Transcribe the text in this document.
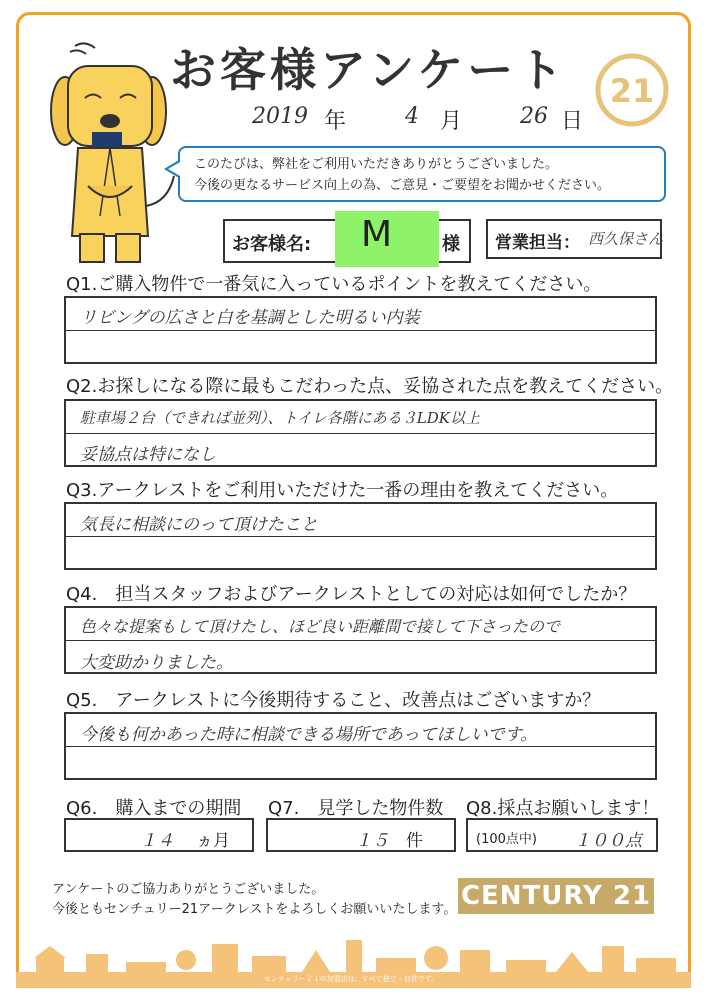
お客様アンケート 21
2019 年	4 月	26 日
このたびは、弊社をご利用いただきありがとうございました。
今後の更なるサービス向上の為、ご意見・ご要望をお聞かせください。
お客様名: M	様 営業担当： 西久保さん
Q1.ご購入物件で一番気に入っているポイントを教えてください。
リビングの広さと白を基調とした明るい内装
Q2.お探しになる際に最もこだわった点、妥協された点を教えてください。
駐車場２台（できれば並列）、トイレ各階にある３LDK以上
妥協点は特になし
Q3.アークレストをご利用いただけた一番の理由を教えてください。
気長に相談にのって頂けたこと
Q4.　担当スタッフおよびアークレストとしての対応は如何でしたか？
色々な提案もして頂けたし、ほど良い距離間で接して下さったので
大変助かりました。
Q5.　アークレストに今後期待すること、改善点はございますか？
今後も何かあった時に相談できる場所であってほしいです。
Q6.　購入までの期間 Q7.　見学した物件数 Q8.採点お願いします！
１４ ヵ月	１５ 件	(100点中) １００点
アンケートのご協力ありがとうございました。
今後ともセンチュリー21アークレストをよろしくお願いいたします。 CENTURY 21
センチュリー２１の加盟店は、すべて独立・自営です。
